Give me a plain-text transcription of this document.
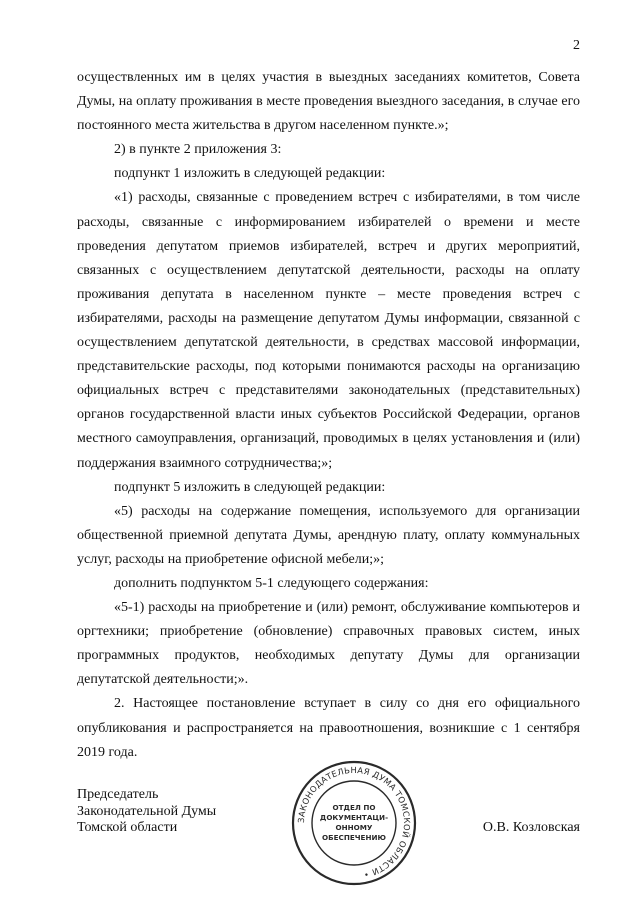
2

осуществленных им в целях участия в выездных заседаниях комитетов, Совета Думы, на оплату проживания в месте проведения выездного заседания, в случае его постоянного места жительства в другом населенном пункте.»;

2) в пункте 2 приложения 3:

подпункт 1 изложить в следующей редакции:

«1) расходы, связанные с проведением встреч с избирателями, в том числе расходы, связанные с информированием избирателей о времени и месте проведения депутатом приемов избирателей, встреч и других мероприятий, связанных с осуществлением депутатской деятельности, расходы на оплату проживания депутата в населенном пункте – месте проведения встреч с избирателями, расходы на размещение депутатом Думы информации, связанной с осуществлением депутатской деятельности, в средствах массовой информации, представительские расходы, под которыми понимаются расходы на организацию официальных встреч с представителями законодательных (представительных) органов государственной власти иных субъектов Российской Федерации, органов местного самоуправления, организаций, проводимых в целях установления и (или) поддержания взаимного сотрудничества;»;

подпункт 5 изложить в следующей редакции:

«5) расходы на содержание помещения, используемого для организации общественной приемной депутата Думы, арендную плату, оплату коммунальных услуг, расходы на приобретение офисной мебели;»;

дополнить подпунктом 5-1 следующего содержания:

«5-1) расходы на приобретение и (или) ремонт, обслуживание компьютеров и оргтехники; приобретение (обновление) справочных правовых систем, иных программных продуктов, необходимых депутату Думы для организации депутатской деятельности;».

2. Настоящее постановление вступает в силу со дня его официального опубликования и распространяется на правоотношения, возникшие с 1 сентября 2019 года.

Председатель
Законодательной Думы
Томской области	ЗАКОНОДАТЕЛЬНАЯ ДУМА ТОМСКОЙ ОБЛАСТИ •
ОТДЕЛ ПО
ДОКУМЕНТАЦИ-
ОННОМУ
ОБЕСПЕЧЕНИЮ
О.В. Козловская
